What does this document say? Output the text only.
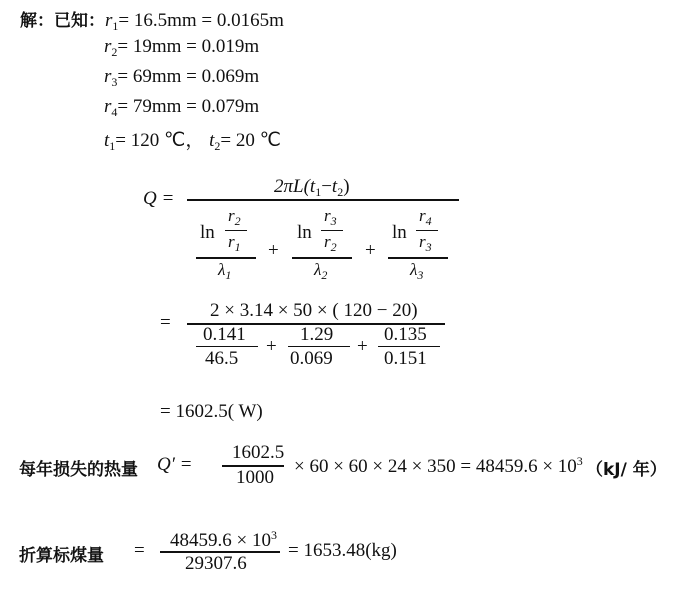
解：已知：$r_1= 16.5mm = 0.0165m$
$r_2= 19mm = 0.019m$
$r_3= 69mm = 0.069m$
$r_4= 79mm = 0.079m$
$t_1= 120$ ℃， $t_2= 20$ ℃
Q =
$2\pi L(t_1-t_2)$
ln
$r_2$
$r_1$
$\lambda_1$
+
ln
$r_3$
$r_2$
$\lambda_2$
+
ln
$r_4$
$r_3$
$\lambda_3$
=
2 × 3.14 × 50 × ( 120 − 20)
0.141
46.5
+
1.29
0.069
+
0.135
0.151
= 1602.5( W)
每年损失的热量 Q′ =
1602.5
1000
× $60 \times 60 \times 24 \times 350 = 48459.6 \times 10^3$ （kJ/ 年）
折算标煤量 = $48459.6 \times 10^3$
29307.6
= 1653.48(kg)
